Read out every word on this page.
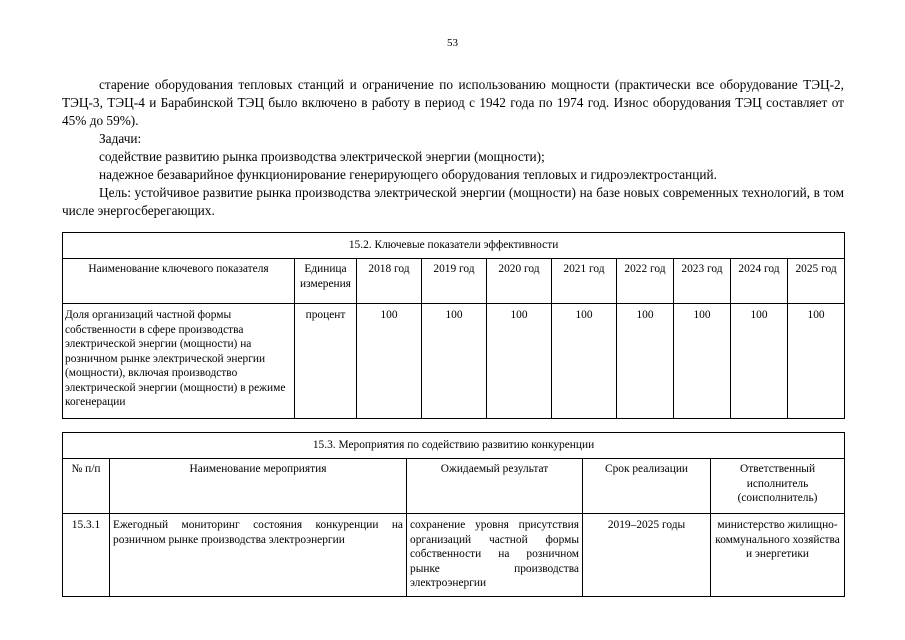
53

старение оборудования тепловых станций и ограничение по использованию мощности (практически все оборудование ТЭЦ-2, ТЭЦ-3, ТЭЦ-4 и Барабинской ТЭЦ было включено в работу в период с 1942 года по 1974 год. Износ оборудования ТЭЦ составляет от 45% до 59%).

Задачи:

содействие развитию рынка производства электрической энергии (мощности);

надежное безаварийное функционирование генерирующего оборудования тепловых и гидроэлектростанций.

Цель: устойчивое развитие рынка производства электрической энергии (мощности) на базе новых современных технологий, в том числе энергосберегающих.

15.2. Ключевые показатели эффективности									
Наименование ключевого показателя	Единица измерения	2018 год	2019 год	2020 год	2021 год	2022 год	2023 год	2024 год	2025 год
Доля организаций частной формы собственности в сфере производства электрической энергии (мощности) на розничном рынке электрической энергии (мощности), включая производство электрической энергии (мощности) в режиме когенерации	процент	100	100	100	100	100	100	100	100
15.3. Мероприятия по содействию развитию конкуренции				
№ п/п	Наименование мероприятия	Ожидаемый результат	Срок реализации	Ответственный исполнитель (соисполнитель)
15.3.1	Ежегодный мониторинг состояния конкуренции на розничном рынке производства электроэнергии	сохранение уровня присутствия организаций частной формы собственности на розничном рынке производства электроэнергии	2019–2025 годы	министерство жилищно-коммунального хозяйства и энергетики
